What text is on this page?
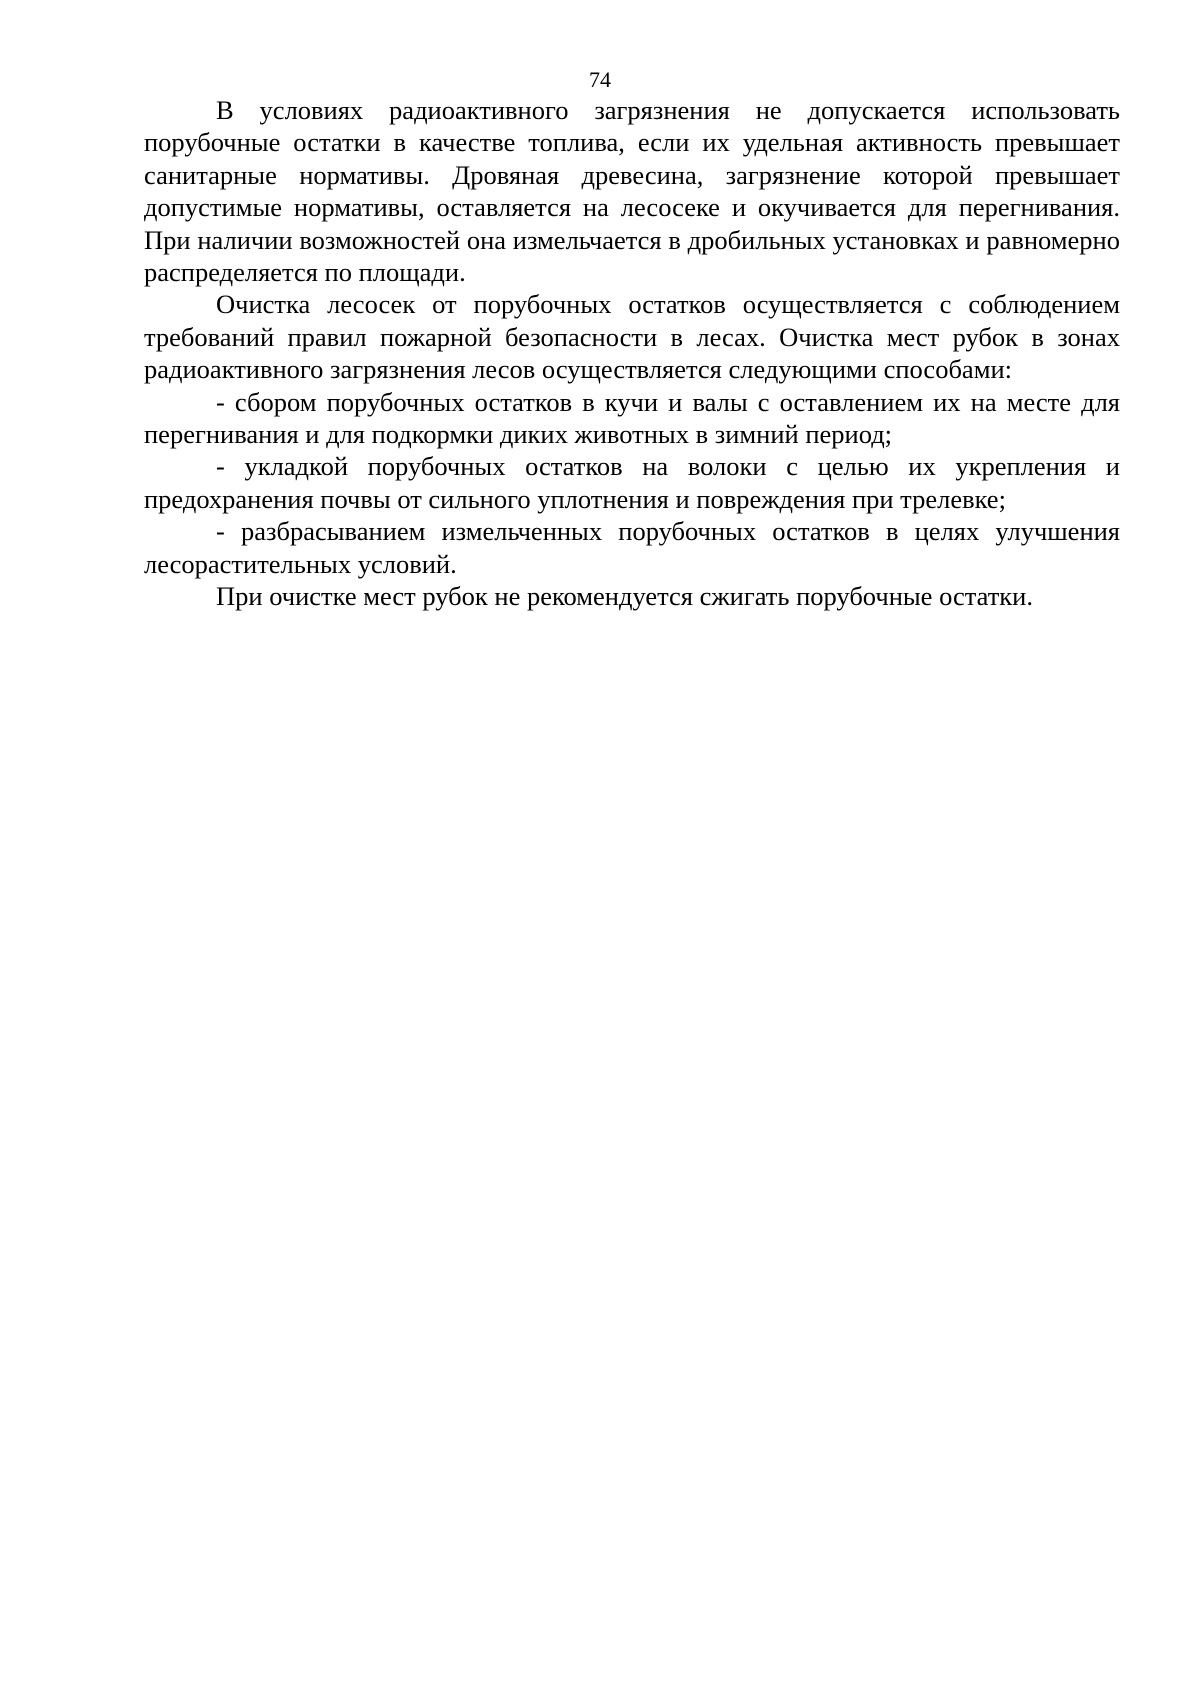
74

В условиях радиоактивного загрязнения не допускается использовать порубочные остатки в качестве топлива, если их удельная активность превышает санитарные нормативы. Дровяная древесина, загрязнение которой превышает допустимые нормативы, оставляется на лесосеке и окучивается для перегнивания. При наличии возможностей она измельчается в дробильных установках и равномерно распределяется по площади.

Очистка лесосек от порубочных остатков осуществляется с соблюдением требований правил пожарной безопасности в лесах. Очистка мест рубок в зонах радиоактивного загрязнения лесов осуществляется следующими способами:

- сбором порубочных остатков в кучи и валы с оставлением их на месте для перегнивания и для подкормки диких животных в зимний период;

- укладкой порубочных остатков на волоки с целью их укрепления и предохранения почвы от сильного уплотнения и повреждения при трелевке;

- разбрасыванием измельченных порубочных остатков в целях улучшения лесорастительных условий.

При очистке мест рубок не рекомендуется сжигать порубочные остатки.
